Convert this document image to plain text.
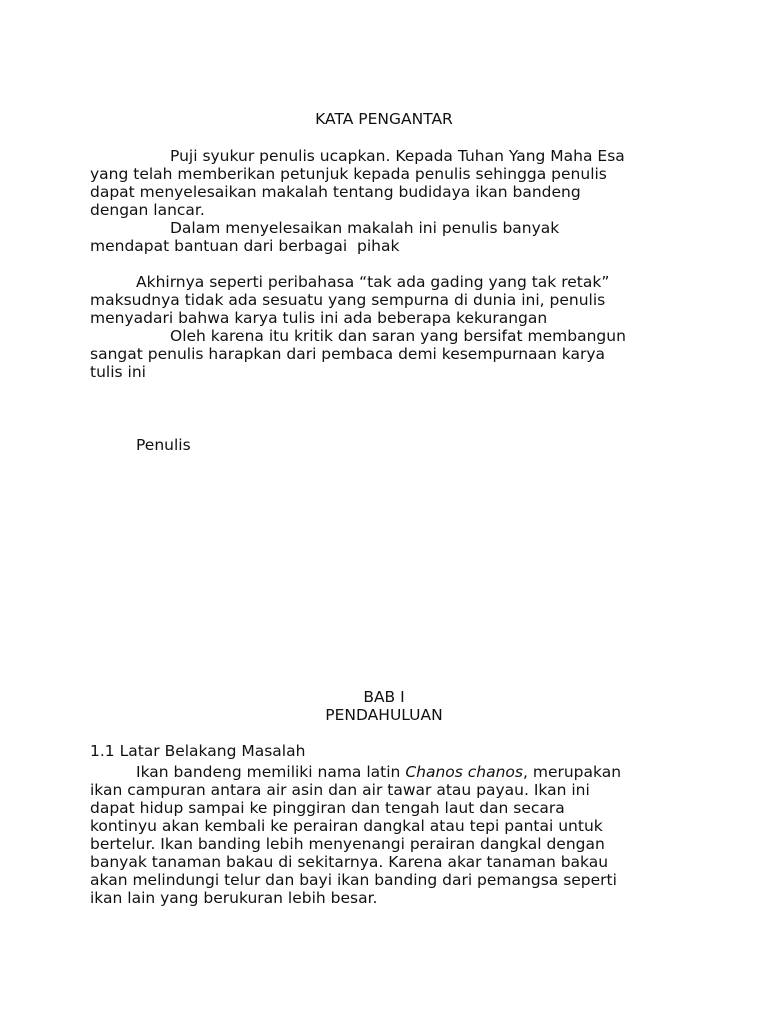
KATA PENGANTAR

Puji syukur penulis ucapkan. Kepada Tuhan Yang Maha Esa

yang telah memberikan petunjuk kepada penulis sehingga penulis

dapat menyelesaikan makalah tentang budidaya ikan bandeng

dengan lancar.

Dalam menyelesaikan makalah ini penulis banyak

mendapat bantuan dari berbagai  pihak

Akhirnya seperti peribahasa “tak ada gading yang tak retak”

maksudnya tidak ada sesuatu yang sempurna di dunia ini, penulis

menyadari bahwa karya tulis ini ada beberapa kekurangan

Oleh karena itu kritik dan saran yang bersifat membangun

sangat penulis harapkan dari pembaca demi kesempurnaan karya

tulis ini

Penulis

BAB I

PENDAHULUAN

1.1 Latar Belakang Masalah

Ikan bandeng memiliki nama latin Chanos chanos, merupakan

ikan campuran antara air asin dan air tawar atau payau. Ikan ini

dapat hidup sampai ke pinggiran dan tengah laut dan secara

kontinyu akan kembali ke perairan dangkal atau tepi pantai untuk

bertelur. Ikan banding lebih menyenangi perairan dangkal dengan

banyak tanaman bakau di sekitarnya. Karena akar tanaman bakau

akan melindungi telur dan bayi ikan banding dari pemangsa seperti

ikan lain yang berukuran lebih besar.
